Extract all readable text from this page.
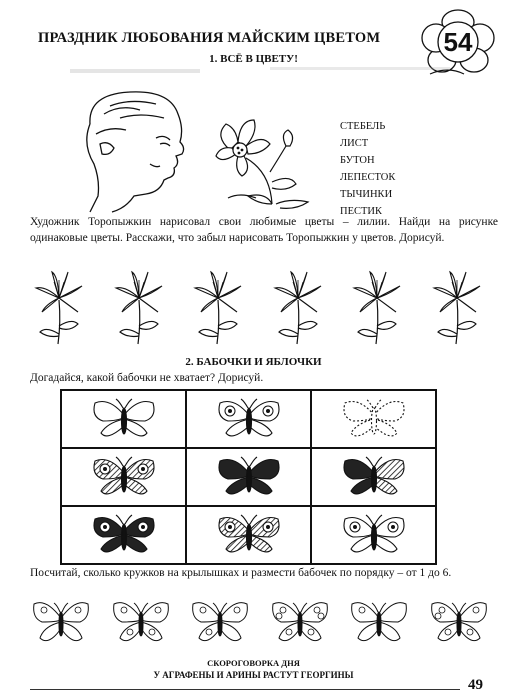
ПРАЗДНИК ЛЮБОВАНИЯ МАЙСКИМ ЦВЕТОМ 54
1. ВСЁ В ЦВЕТУ!
СТЕБЕЛЬ
ЛИСТ
БУТОН
ЛЕПЕСТОК
ТЫЧИНКИ
ПЕСТИК
Художник Торопыжкин нарисовал свои любимые цветы – лилии. Найди на рисунке одинаковые цветы. Расскажи, что забыл нарисовать Торопыжкин у цветов. Дорисуй.
2. БАБОЧКИ И ЯБЛОЧКИ
Догадайся, какой бабочки не хватает? Дорисуй.
Посчитай, сколько кружков на крылышках и размести бабочек по порядку – от 1 до 6.
СКОРОГОВОРКА ДНЯ
У АГРАФЕНЫ И АРИНЫ РАСТУТ ГЕОРГИНЫ
49
